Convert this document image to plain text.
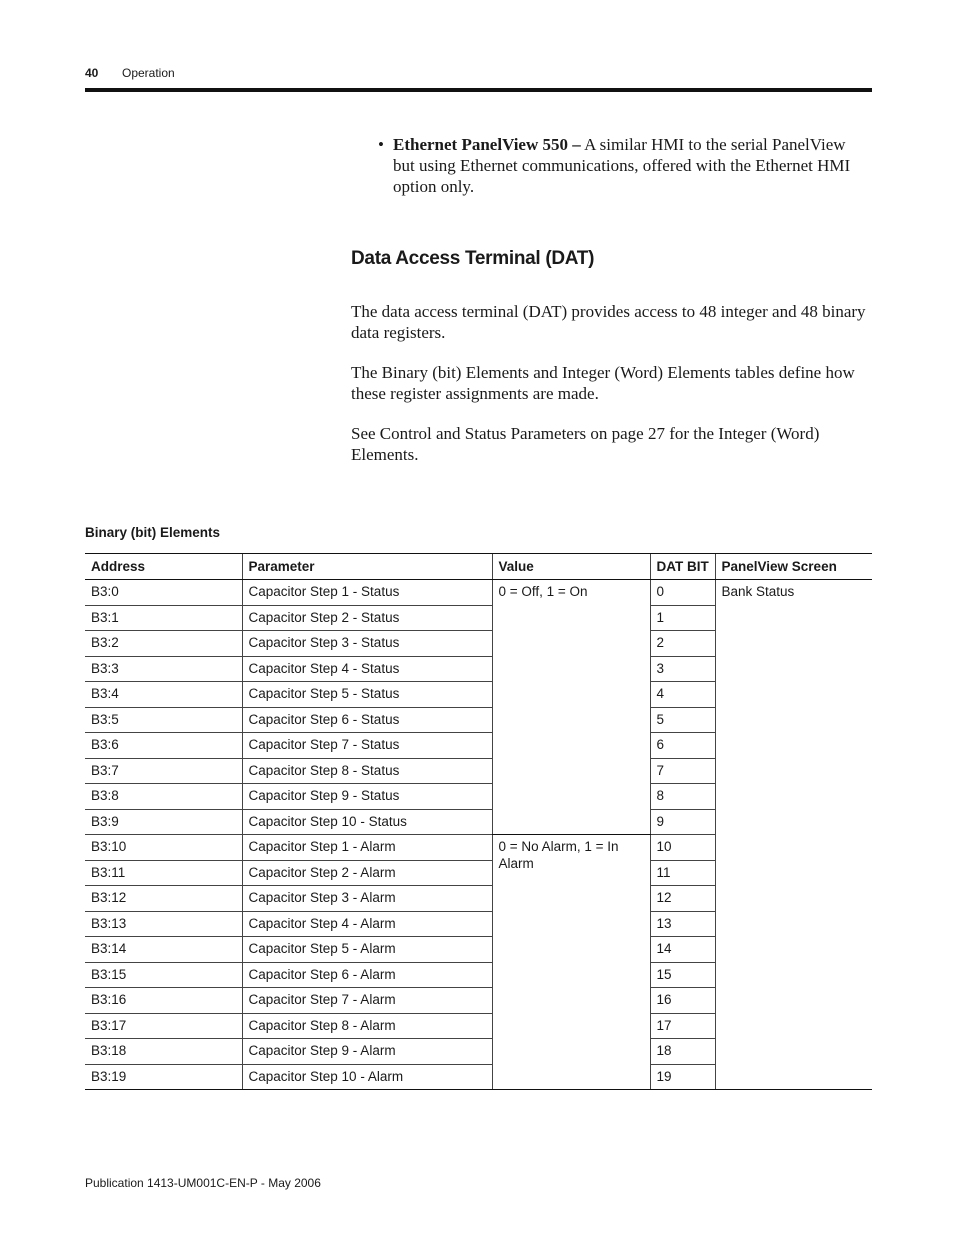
40 Operation
• Ethernet PanelView 550 – A similar HMI to the serial PanelView but using Ethernet communications, offered with the Ethernet HMI option only.
Data Access Terminal (DAT)
The data access terminal (DAT) provides access to 48 integer and 48 binary data registers.
The Binary (bit) Elements and Integer (Word) Elements tables define how these register assignments are made.
See Control and Status Parameters on page 27 for the Integer (Word) Elements.
Binary (bit) Elements
Address	Parameter	Value	DAT BIT	PanelView Screen
B3:0	Capacitor Step 1 - Status	0 = Off, 1 = On	0	Bank Status
B3:1	Capacitor Step 2 - Status		1	
B3:2	Capacitor Step 3 - Status		2	
B3:3	Capacitor Step 4 - Status		3	
B3:4	Capacitor Step 5 - Status		4	
B3:5	Capacitor Step 6 - Status		5	
B3:6	Capacitor Step 7 - Status		6	
B3:7	Capacitor Step 8 - Status		7	
B3:8	Capacitor Step 9 - Status		8	
B3:9	Capacitor Step 10 - Status		9	
B3:10	Capacitor Step 1 - Alarm	0 = No Alarm, 1 = In Alarm	10	
B3:11	Capacitor Step 2 - Alarm		11	
B3:12	Capacitor Step 3 - Alarm		12	
B3:13	Capacitor Step 4 - Alarm		13	
B3:14	Capacitor Step 5 - Alarm		14	
B3:15	Capacitor Step 6 - Alarm		15	
B3:16	Capacitor Step 7 - Alarm		16	
B3:17	Capacitor Step 8 - Alarm		17	
B3:18	Capacitor Step 9 - Alarm		18	
B3:19	Capacitor Step 10 - Alarm		19	
Publication 1413-UM001C-EN-P - May 2006
